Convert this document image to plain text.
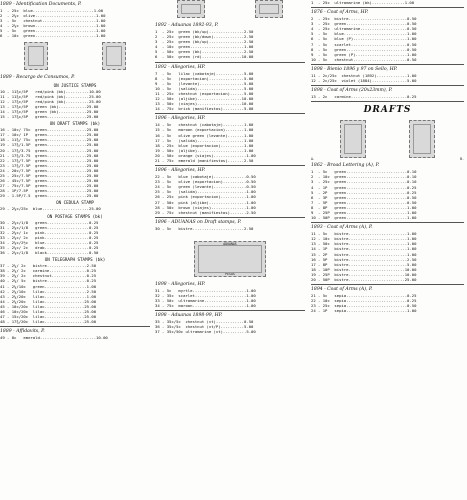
1889 - Identification Documents, P.
1  - 25c  blue..........................1.00
2  - 2¼c  olive..........................1.00
3  - 5c   chestnut.......................1.00
4  - 2¼c  brown..........................1.00
5  - 5c   green..........................1.00
6  - 10c  green..........................1.00
1889 - Recargo de Consumos, P.
ON JUSTICE STAMPS
10 - 11¾c/5P   red/pink (bk)..........10.00
11 - 11¾c/5P   red/pink (bk)..........25.00
12 - 17¾c/5P   red/pink (bk)..........25.00
13 - 17¾c/5P   green (bk)............25.00
14 - 17¾c/5P   green (bk)............25.00
15 - 17¾c/5P   green.................25.00
ON DRAFT STAMPS (bk)
16 - 10c/ 75c  green.................25.00
17 - 10c/ 1P   green.................25.00
18 - 11¾/ 75c  green.................25.00
19 - 17¾/1.5P  green.................25.00
20 - 17¾/3.75  green.................25.00
21 - 17¾/3.75  green.................25.00
22 - 17¾/7.5P  green.................25.00
23 - 17¾/7.5P  green.................25.00
24 - 20c/7.5P  green.................25.00
25 - 25c/7.5P  green.................25.00
26 - 45c/7.5P  green.................25.00
27 - 75c/7.5P  green.................25.00
28 - 1P/7.5P   green.................25.00
29 - 1.5P/7.5  green.................25.00
ON CEDULA STAMP
29 - 2¼c/25c  blue....................25.00
ON POSTAGE STAMPS (bk)
30 - 2¼c/1/8   green..................0.25
31 - 2¼c/1/8   green..................0.25
32 - 2¼c/ 1c   pink...................0.25
33 - 2¼c/ 2c   pink...................0.25
34 - 2¼c/2½c   blue...................0.25
35 - 2¼c/ 2c   drab...................0.25
36 - 2¼c/1/8   black..................0.50
ON TELEGRAPH STAMPS (bk)
37 - 2¼/ 2c   bistre.................2.50
38 - 2¼/ 2c   carmine................0.25
39 - 2¼/ 2c   chestnut...............0.25
40 - 2¼/ 5c   bistre.................0.25
41 - 2¼/10c   green..................1.00
42 - 2¼/10c   lilac..................2.50
43 - 2¼/20c   lilac..................1.00
44 - 2¼/20c   lilac.................25.00
45 - 10c/20c  lilac.................25.00
46 - 10c/20c  lilac.................25.00
47 - 15c/20c  lilac.................25.00
48 - 17¾/20c  lilac.................25.00
1889 - Affidavits, P.
49 - 8c   emerald........................10.00
1892 - Aduanas 1892-93, P.
1  - 25c  green (bk/up)...............2.50
2  - 25c  green (bk/down).............2.50
3  - 25c  green (bk/up)...............2.50
4  - 10c  green.......................1.00
5  - 50c  green (bk)..................2.50
6  - 50c  green (rd).................10.00
1892 - Allegories, HP.
7  - 5c   lilac (cabotaje)............5.00
8  - 5c   (exportacion)...............5.00
9  - 5c   (levante)...................5.00
10 - 5c   (salida)....................5.00
11 - 25c  chestnut (exportacion)......5.00
12 - 50c  (aljibe)...................10.00
13 - 50c  (viajes)...................10.00
14 - 75c  brick (manifiestos).........5.00
1896 - Allegories, HP.
14 - 5c   chestnut (cabotaje).........1.00
15 - 5c   maroon (exportacion)........1.00
16 - 5c   olive green (levante).......1.00
17 - 5c   (salida)....................1.00
18 - 25c  blue (exportacion)..........1.00
19 - 50c  (aljibe)....................1.00
20 - 50c  orange (viajes)..............1.00
21 - 75c  emerald (manifiestos).......2.50
1896 - Allegories, HP.
22 - 5c   blue (cabotaje)..............0.50
23 - 5c   olive (exportacion)..........0.50
24 - 5c   green (levante)..............0.50
25 - 5c   (salida).....................1.00
26 - 25c  pink (exportacion)...........1.00
27 - 50c  pink (aljibe)................1.00
28 - 50c  brown (viajes)...............1.00
29 - 75c  chestnut (manifiestos).......2.50
1896 - ADUANAS on Draft stamps, P.
30 - 5c   bistre......................2.50
ADUANAS
PESOS
1898 - Allegories, HP.
31 - 5c   myrtle.......................1.00
32 - 35c  scarlet......................1.00
33 - 50c  ultramarine..................1.00
34 - 75c  maroon.......................1.00
1898 - Aduanas 1898-99, HP.
35 - 35c/5c  chestnut (vt)............0.50
36 - 35c/5c  chestnut (vt/P)..........5.00
37 - 35c/50c ultramarine (vt)..........5.00
1  - 25c  ultramarine (bk)..............1.00
1876 - Coat of Arms, HP.
2  - 25c  bistre.........................0.50
3  - 25c  green..........................0.50
4  - 25c  ultramarine....................0.50
5  - 5c   blue...........................1.00
6  - 5c   blue (P).......................1.00
7  - 5c   scarlet........................0.50
8  - 5c   green..........................0.50
9  - 5c   green (P)......................1.00
10 - 5c   chestnut.......................0.50
1898 - Bienio 1896 y 97 on Sello, HP.
11 - 2c/25c  chestnut (1892).............1.00
12 - 2c/25c  violet (1884)...............5.00
1898 - Coat of Arms (20x23mm), P.
13 - 2c   carmine........................0.25
DRAFTS
A.	B.
1862 - Broad Lettering (A), P.
1  - 5c   green..........................0.10
2  - 10c  green..........................0.10
3  - 25c  green..........................0.10
4  - 1P   green..........................0.25
5  - 2P   green..........................0.25
6  - 3P   green..........................0.50
7  - 5P   green..........................0.50
8  - 8P   green..........................1.00
9  - 25P  green..........................1.00
10 - 50P  green..........................1.00
1893 - Coat of Arms (A), P.
11 - 5c   bistre.........................1.00
12 - 10c  bistre.........................1.00
13 - 50c  bistre.........................1.00
14 - 1P   bistre.........................1.00
15 - 2P   bistre.........................1.00
16 - 5P   bistre.........................2.50
17 - 8P   bistre.........................5.00
18 - 10P  bistre........................10.00
19 - 25P  bistre........................10.00
20 - 50P  bistre........................25.00
1894 - Coat of Arms (A), P.
21 - 5c   sepia..........................0.25
22 - 10c  sepia..........................0.25
23 - 25c  sepia..........................0.50
24 - 1P   sepia..........................1.00
